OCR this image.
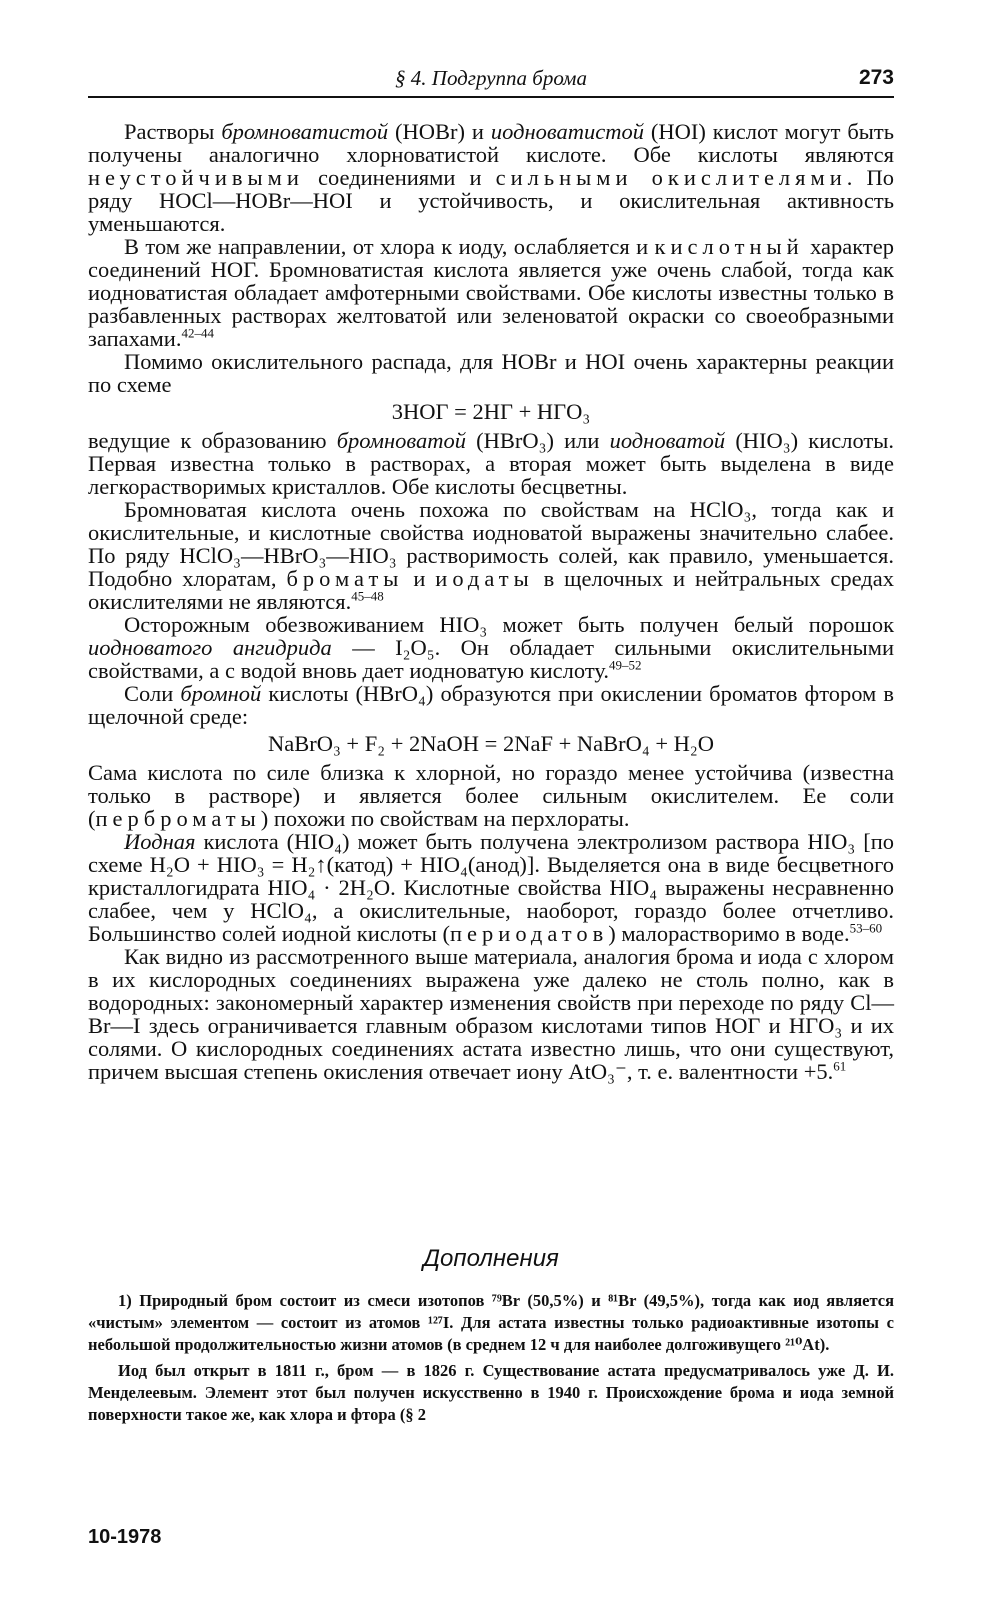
§ 4. Подгруппа брома	273

Растворы бромноватистой (HOBr) и иодноватистой (HOI) кислот могут быть получены аналогично хлорноватистой кислоте. Обе кислоты являются неустойчивыми соединениями и сильными окислителями. По ряду HOCl—HOBr—HOI и устойчивость, и окислительная активность уменьшаются.

В том же направлении, от хлора к иоду, ослабляется и кислотный характер соединений НОГ. Бромноватистая кислота является уже очень слабой, тогда как иодноватистая обладает амфотерными свойствами. Обе кислоты известны только в разбавленных растворах желтоватой или зеленоватой окраски со своеобразными запахами.$^{42-44}$

Помимо окислительного распада, для HOBr и HOI очень характерны реакции по схеме

3НОГ = 2НГ + НГO₃

ведущие к образованию бромноватой (HBrO₃) или иодноватой (HIO₃) кислоты. Первая известна только в растворах, а вторая может быть выделена в виде легкорастворимых кристаллов. Обе кислоты бесцветны.

Бромноватая кислота очень похожа по свойствам на HClO₃, тогда как и окислительные, и кислотные свойства иодноватой выражены значительно слабее. По ряду HClO₃—HBrO₃—HIO₃ растворимость солей, как правило, уменьшается. Подобно хлоратам, броматы и иодаты в щелочных и нейтральных средах окислителями не являются.$^{45-48}$

Осторожным обезвоживанием HIO₃ может быть получен белый порошок иодноватого ангидрида — I₂O₅. Он обладает сильными окислительными свойствами, а с водой вновь дает иодноватую кислоту.$^{49-52}$

Соли бромной кислоты (HBrO₄) образуются при окислении броматов фтором в щелочной среде:

NaBrO₃ + F₂ + 2NaOH = 2NaF + NaBrO₄ + H₂O

Сама кислота по силе близка к хлорной, но гораздо менее устойчива (известна только в растворе) и является более сильным окислителем. Ее соли (перброматы) похожи по свойствам на перхлораты.

Иодная кислота (HIO₄) может быть получена электролизом раствора HIO₃ [по схеме H₂O + HIO₃ = H₂↑(катод) + HIO₄(анод)]. Выделяется она в виде бесцветного кристаллогидрата HIO₄ · 2H₂O. Кислотные свойства HIO₄ выражены несравненно слабее, чем у HClO₄, а окислительные, наоборот, гораздо более отчетливо. Большинство солей иодной кислоты (периодатов) малорастворимо в воде.$^{53-60}$

Как видно из рассмотренного выше материала, аналогия брома и иода с хлором в их кислородных соединениях выражена уже далеко не столь полно, как в водородных: закономерный характер изменения свойств при переходе по ряду Cl—Br—I здесь ограничивается главным образом кислотами типов НОГ и НГO₃ и их солями. О кислородных соединениях астата известно лишь, что они существуют, причем высшая степень окисления отвечает иону AtO₃⁻, т. е. валентности +5.61

Дополнения

1) Природный бром состоит из смеси изотопов ⁷⁹Br (50,5%) и ⁸¹Br (49,5%), тогда как иод является «чистым» элементом — состоит из атомов ¹²⁷I. Для астата известны только радиоактивные изотопы с небольшой продолжительностью жизни атомов (в среднем 12 ч для наиболее долгоживущего ²¹⁰At).

Иод был открыт в 1811 г., бром — в 1826 г. Существование астата предусматривалось уже Д. И. Менделеевым. Элемент этот был получен искусственно в 1940 г. Происхождение брома и иода земной поверхности такое же, как хлора и фтора (§ 2

10-1978
